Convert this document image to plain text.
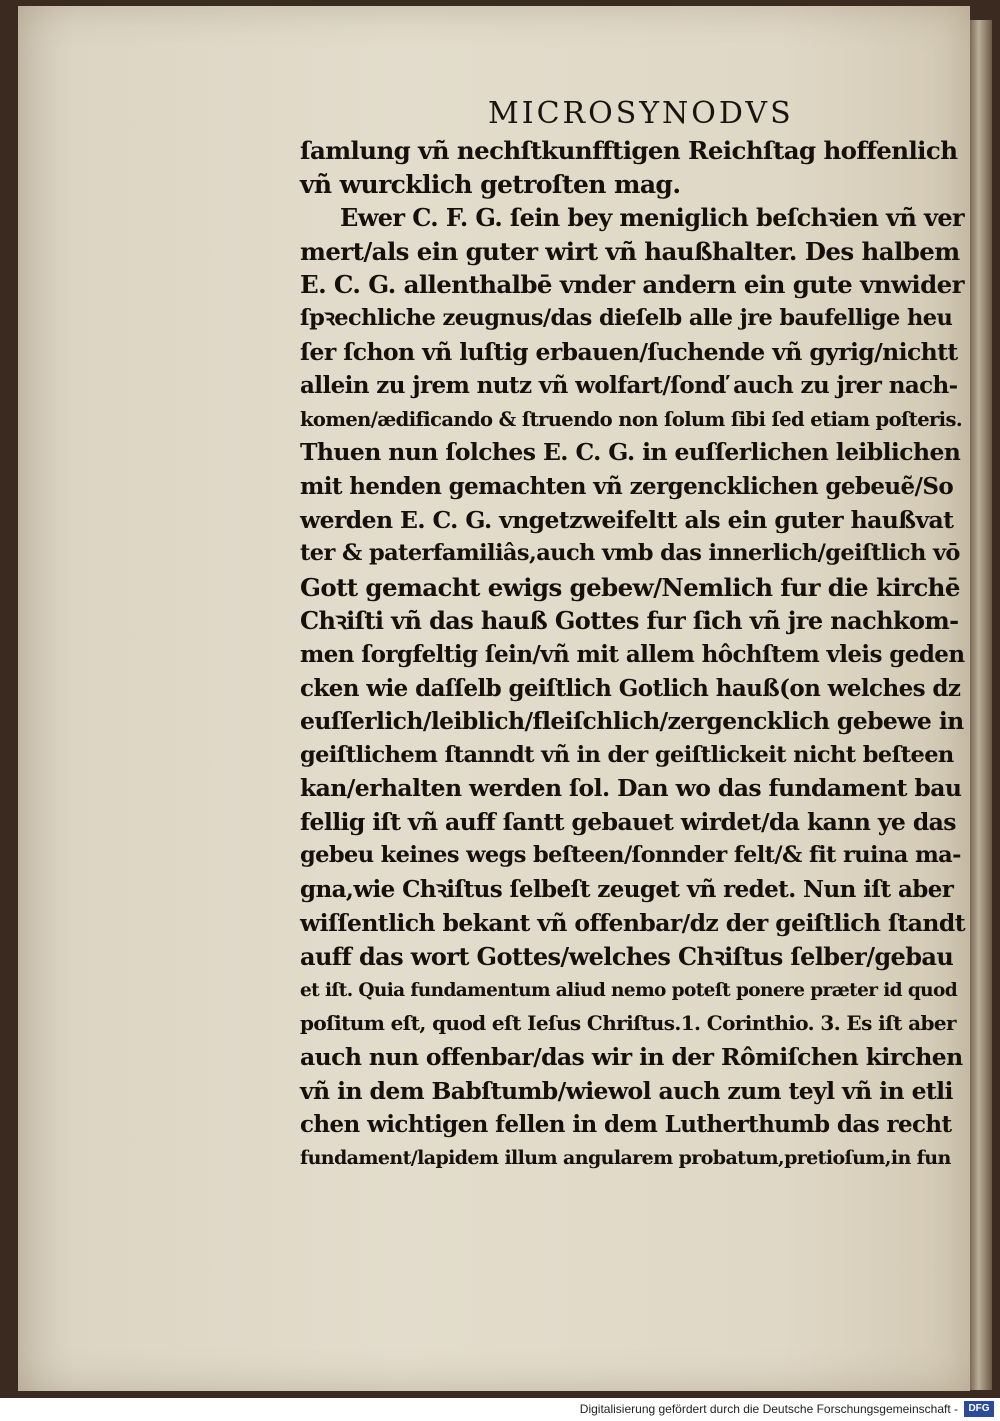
MICROSYNODVS
ſamlung vñ nechſtkunfftigen Reichſtag hoffenlich
vñ wurcklich getroſten mag.
Ewer C. F. G. ſein bey meniglich beſchꝛien vñ ver
mert/als ein guter wirt vñ haußhalter. Des halbem
E. C. G. allenthalbē vnder andern ein gute vnwider
ſpꝛechliche zeugnus/das dieſelb alle jre baufellige heu
ſer ſchon vñ luſtig erbauen/ſuchende vñ gyrig/nichtt
allein zu jrem nutz vñ wolfart/ſonď auch zu jrer nach-
komen/ædificando & ſtruendo non ſolum ſibi ſed etiam poſteris.
Thuen nun ſolches E. C. G. in euſſerlichen leiblichen
mit henden gemachten vñ zergencklichen gebeuẽ/So
werden E. C. G. vngetzweifeltt als ein guter haußvat
ter & paterfamiliâs,auch vmb das innerlich/geiſtlich vō
Gott gemacht ewigs gebew/Nemlich fur die kirchē
Chꝛiſti vñ das hauß Gottes fur ſich vñ jre nachkom-
men ſorgfeltig ſein/vñ mit allem hôchſtem vleis geden
cken wie daſſelb geiſtlich Gotlich hauß(on welches dz
euſſerlich/leiblich/fleiſchlich/zergencklich gebewe in
geiſtlichem ſtanndt vñ in der geiſtlickeit nicht beſteen
kan/erhalten werden ſol. Dan wo das fundament bau
fellig iſt vñ auff ſantt gebauet wirdet/da kann ye das
gebeu keines wegs beſteen/ſonnder felt/& fit ruina ma-
gna,wie Chꝛiſtus ſelbeſt zeuget vñ redet. Nun iſt aber
wiſſentlich bekant vñ offenbar/dz der geiſtlich ſtandt
auff das wort Gottes/welches Chꝛiſtus ſelber/gebau
et iſt. Quia fundamentum aliud nemo poteſt ponere præter id quod
poſitum eſt, quod eſt Ieſus Chriſtus.1. Corinthio. 3. Es iſt aber
auch nun offenbar/das wir in der Rômiſchen kirchen
vñ in dem Babſtumb/wiewol auch zum teyl vñ in etli
chen wichtigen fellen in dem Lutherthumb das recht
fundament/lapidem illum angularem probatum,pretioſum,in fun
Digitalisierung gefördert durch die Deutsche Forschungsgemeinschaft -	DFG
